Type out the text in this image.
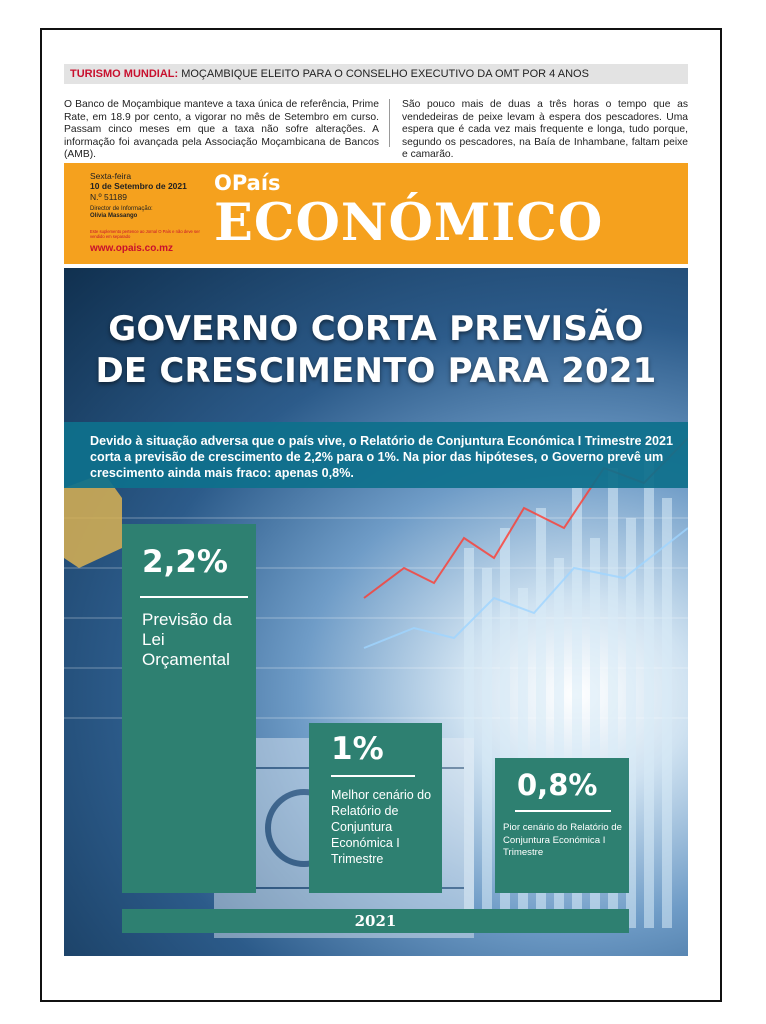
TURISMO MUNDIAL: MOÇAMBIQUE ELEITO PARA O CONSELHO EXECUTIVO DA OMT POR 4 ANOS
O Banco de Moçambique manteve a taxa única de referência, Prime Rate, em 18.9 por cento, a vigorar no mês de Setembro em curso. Passam cinco meses em que a taxa não sofre alterações. A informação foi avançada pela Associação Moçambicana de Bancos (AMB).
São pouco mais de duas a três horas o tempo que as vendedeiras de peixe levam à espera dos pescadores. Uma espera que é cada vez mais frequente e longa, tudo porque, segundo os pescadores, na Baía de Inhambane, faltam peixe e camarão.
Sexta-feira
10 de Setembro de 2021
N.º 51189
Director de Informação:
Olívia Massango
Este suplemento pertence ao Jornal O País e não deve ser vendido em separado
www.opais.co.mz
OPaís
ECONÓMICO
GOVERNO CORTA PREVISÃO
DE CRESCIMENTO PARA 2021
Devido à situação adversa que o país vive, o Relatório de Conjuntura Económica I Trimestre 2021 corta a previsão de crescimento de 2,2% para o 1%. Na pior das hipóteses, o Governo prevê um crescimento ainda mais fraco: apenas 0,8%.
2,2%
Previsão da Lei Orçamental
1%
Melhor cenário do Relatório de Conjuntura Económica I Trimestre
0,8%
Pior cenário do Relatório de Conjuntura Económica I Trimestre
2021
